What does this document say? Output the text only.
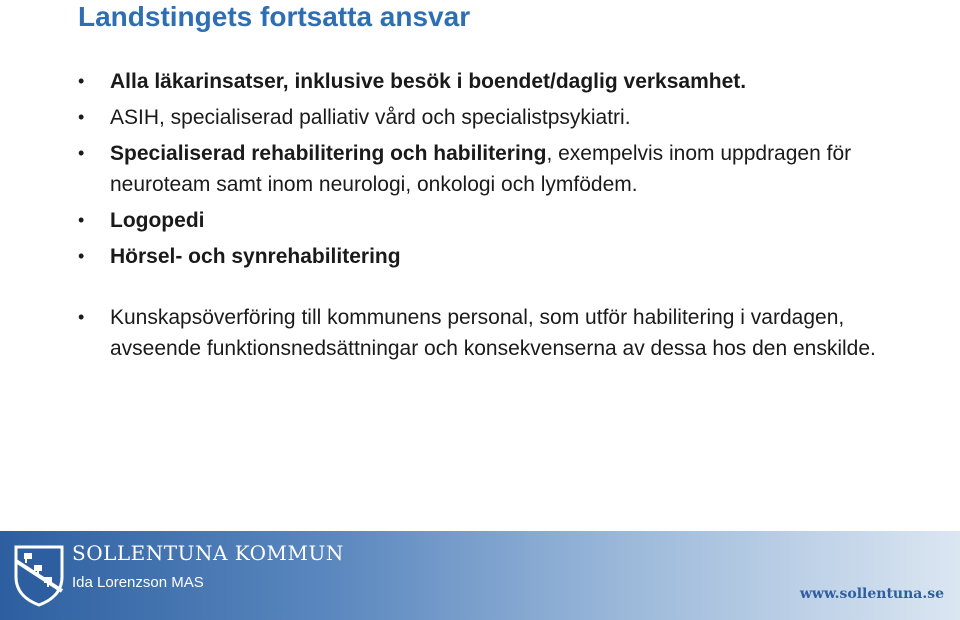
Landstingets fortsatta ansvar
• Alla läkarinsatser, inklusive besök i boendet/daglig verksamhet.
• ASIH, specialiserad palliativ vård och specialistpsykiatri.
• Specialiserad rehabilitering och habilitering, exempelvis inom uppdragen för neuroteam samt inom neurologi, onkologi och lymfödem.
• Logopedi
• Hörsel- och synrehabilitering
• Kunskapsöverföring till kommunens personal, som utför habilitering i vardagen, avseende funktionsnedsättningar och konsekvenserna av dessa hos den enskilde.
SOLLENTUNA KOMMUN
Ida Lorenzson MAS
www.sollentuna.se
